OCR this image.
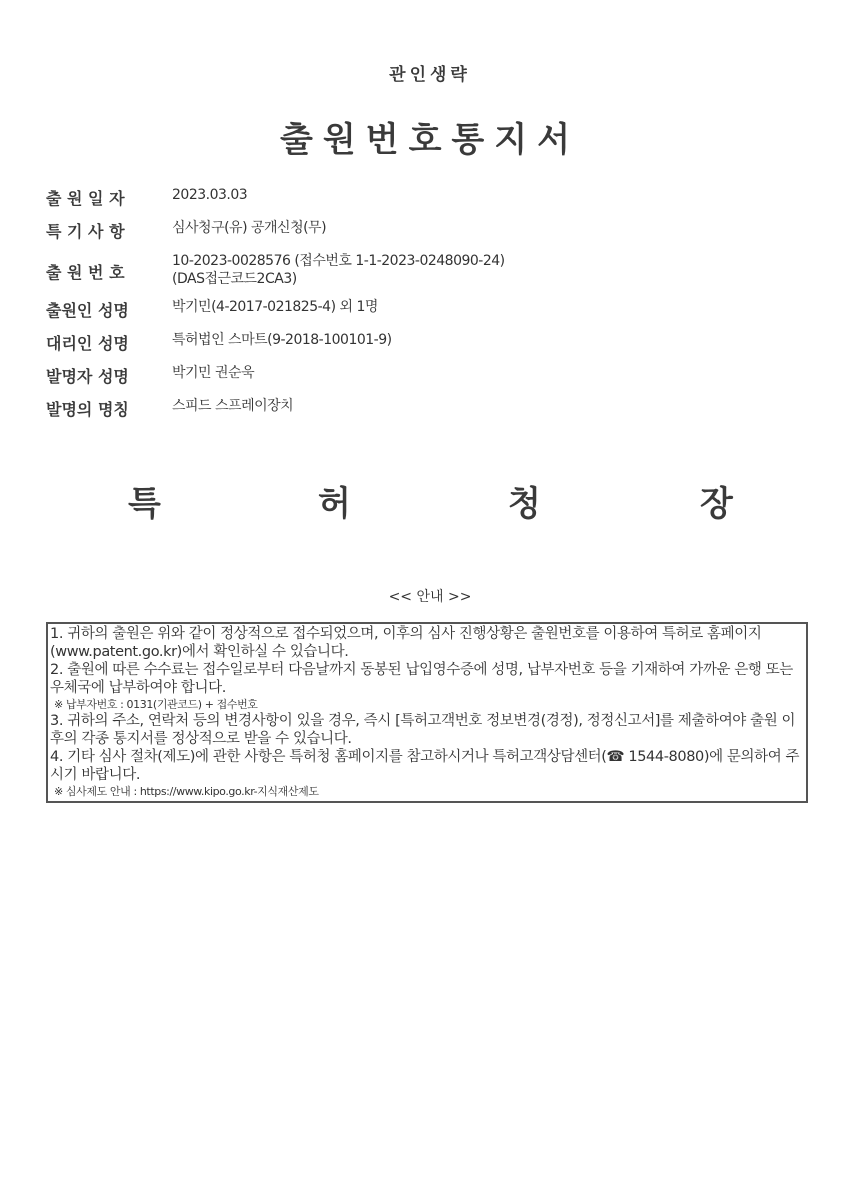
관인생략
출원번호통지서
출 원 일 자	2023.03.03

특 기 사 항	심사청구(유) 공개신청(무)

출 원 번 호	10-2023-0028576 (접수번호 1-1-2023-0248090-24)
(DAS접근코드2CA3)

출원인 성명	박기민(4-2017-021825-4) 외 1명

대리인 성명	특허법인 스마트(9-2018-100101-9)

발명자 성명	박기민 권순욱

발명의 명칭	스피드 스프레이장치
특	허	청	장
<< 안내 >>

1. 귀하의 출원은 위와 같이 정상적으로 접수되었으며, 이후의 심사 진행상황은 출원번호를 이용하여 특허로 홈페이지(www.patent.go.kr)에서 확인하실 수 있습니다.

2. 출원에 따른 수수료는 접수일로부터 다음날까지 동봉된 납입영수증에 성명, 납부자번호 등을 기재하여 가까운 은행 또는 우체국에 납부하여야 합니다.

※ 납부자번호 : 0131(기관코드) + 접수번호

3. 귀하의 주소, 연락처 등의 변경사항이 있을 경우, 즉시 [특허고객번호 정보변경(경정), 정정신고서]를 제출하여야 출원 이후의 각종 통지서를 정상적으로 받을 수 있습니다.

4. 기타 심사 절차(제도)에 관한 사항은 특허청 홈페이지를 참고하시거나 특허고객상담센터(☎ 1544-8080)에 문의하여 주시기 바랍니다.

※ 심사제도 안내 : https://www.kipo.go.kr-지식재산제도
